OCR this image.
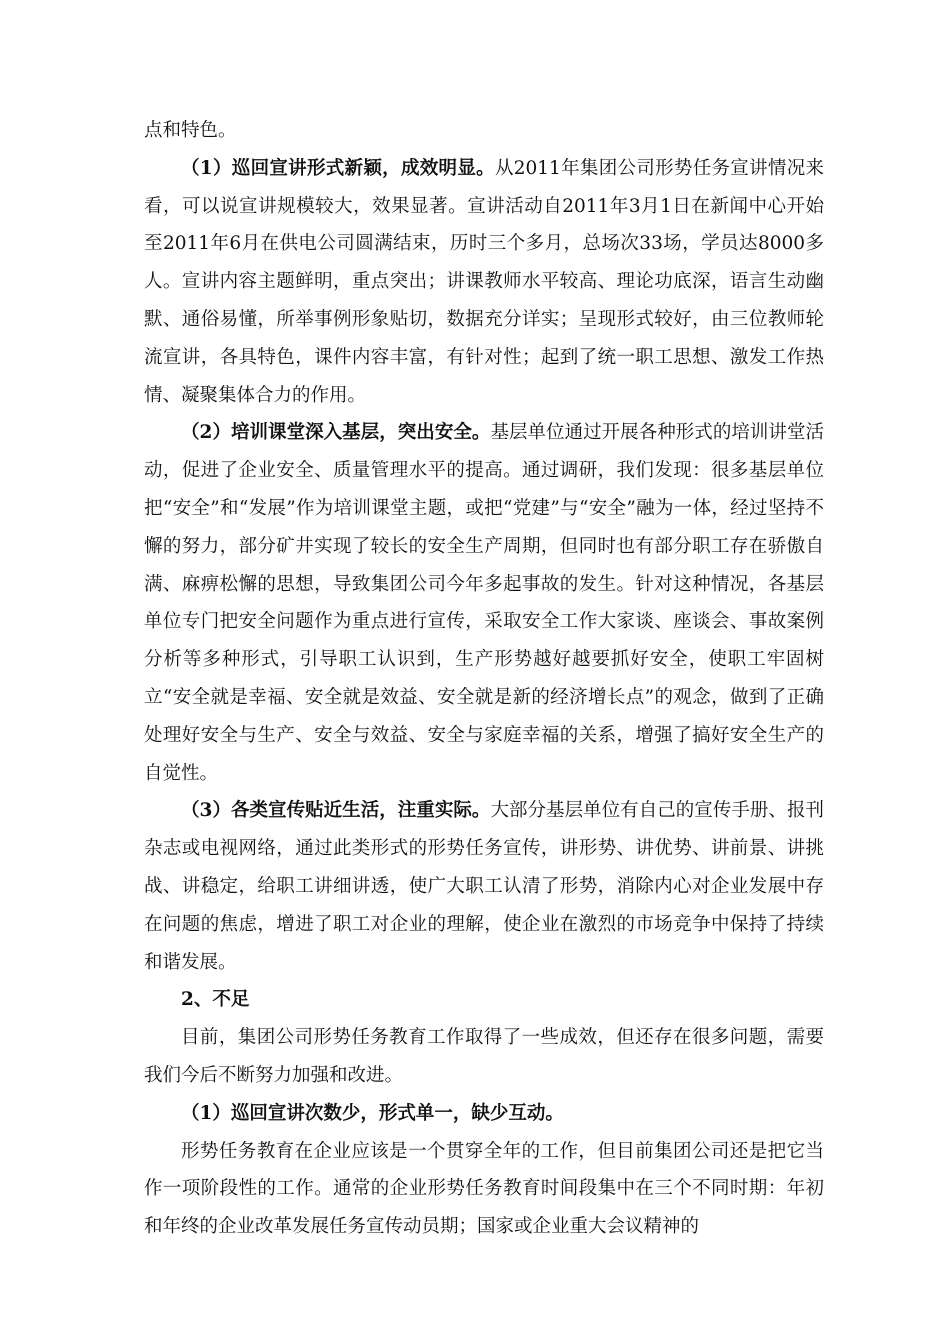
点和特色。

（1）巡回宣讲形式新颖，成效明显。从2011年集团公司形势任务宣讲情况来看，可以说宣讲规模较大，效果显著。宣讲活动自2011年3月1日在新闻中心开始至2011年6月在供电公司圆满结束，历时三个多月，总场次33场，学员达8000多人。宣讲内容主题鲜明，重点突出；讲课教师水平较高、理论功底深，语言生动幽默、通俗易懂，所举事例形象贴切，数据充分详实；呈现形式较好，由三位教师轮流宣讲，各具特色，课件内容丰富，有针对性；起到了统一职工思想、激发工作热情、凝聚集体合力的作用。

（2）培训课堂深入基层，突出安全。基层单位通过开展各种形式的培训讲堂活动，促进了企业安全、质量管理水平的提高。通过调研，我们发现：很多基层单位把“安全”和“发展”作为培训课堂主题，或把“党建”与“安全”融为一体，经过坚持不懈的努力，部分矿井实现了较长的安全生产周期，但同时也有部分职工存在骄傲自满、麻痹松懈的思想，导致集团公司今年多起事故的发生。针对这种情况，各基层单位专门把安全问题作为重点进行宣传，采取安全工作大家谈、座谈会、事故案例分析等多种形式，引导职工认识到，生产形势越好越要抓好安全，使职工牢固树立“安全就是幸福、安全就是效益、安全就是新的经济增长点”的观念，做到了正确处理好安全与生产、安全与效益、安全与家庭幸福的关系，增强了搞好安全生产的自觉性。

（3）各类宣传贴近生活，注重实际。大部分基层单位有自己的宣传手册、报刊杂志或电视网络，通过此类形式的形势任务宣传，讲形势、讲优势、讲前景、讲挑战、讲稳定，给职工讲细讲透，使广大职工认清了形势，消除内心对企业发展中存在问题的焦虑，增进了职工对企业的理解，使企业在激烈的市场竞争中保持了持续和谐发展。

2、不足

目前，集团公司形势任务教育工作取得了一些成效，但还存在很多问题，需要我们今后不断努力加强和改进。

（1）巡回宣讲次数少，形式单一，缺少互动。

形势任务教育在企业应该是一个贯穿全年的工作，但目前集团公司还是把它当作一项阶段性的工作。通常的企业形势任务教育时间段集中在三个不同时期：年初和年终的企业改革发展任务宣传动员期；国家或企业重大会议精神的
